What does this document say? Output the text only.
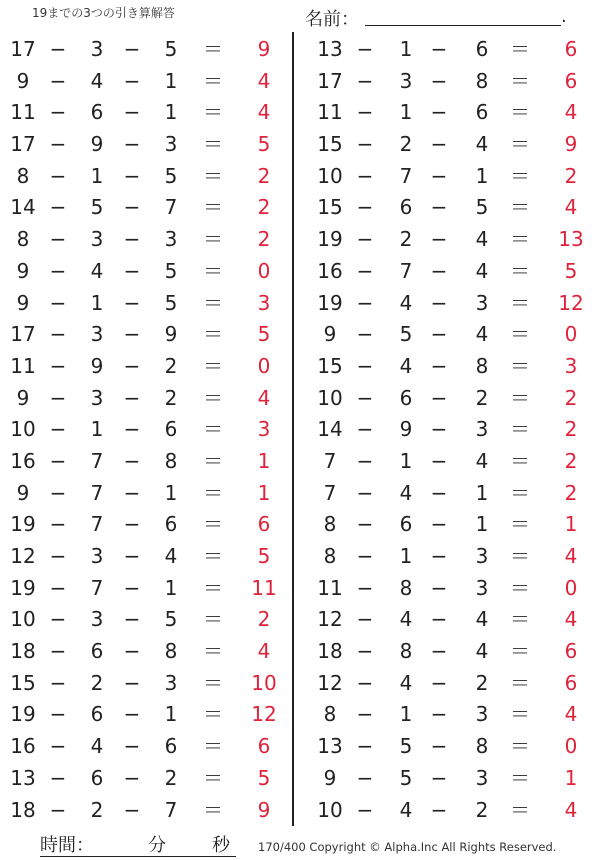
19までの3つの引き算解答	名前：	.
17 −	3	−	5	＝	9
9	−	4	−	1	＝	4
11 −	6	−	1	＝	4
17 −	9	−	3	＝	5
8	−	1	−	5	＝	2
14 −	5	−	7	＝	2
8	−	3	−	3	＝	2
9	−	4	−	5	＝	0
9	−	1	−	5	＝	3
17 −	3	−	9	＝	5
11 −	9	−	2	＝	0
9	−	3	−	2	＝	4
10 −	1	−	6	＝	3
16 −	7	−	8	＝	1
9	−	7	−	1	＝	1
19 −	7	−	6	＝	6
12 −	3	−	4	＝	5
19 −	7	−	1	＝	11
10 −	3	−	5	＝	2
18 −	6	−	8	＝	4
15 −	2	−	3	＝	10
19 −	6	−	1	＝	12
16 −	4	−	6	＝	6
13 −	6	−	2	＝	5
18 −	2	−	7	＝	9
13 −	1 −	6	＝	6
17 −	3 −	8	＝	6
11 −	1 −	6	＝	4
15 −	2 −	4	＝	9
10 −	7 −	1	＝	2
15 −	6 −	5	＝	4
19 −	2 −	4	＝	13
16 −	7 −	4	＝	5
19 −	4 −	3	＝	12
9	−	5 −	4	＝	0
15 −	4 −	8	＝	3
10 −	6 −	2	＝	2
14 −	9 −	3	＝	2
7	−	1 −	4	＝	2
7	−	4 −	1	＝	2
8	−	6 −	1	＝	1
8	−	1 −	3	＝	4
11 −	8 −	3	＝	0
12 −	4 −	4	＝	4
18 −	8 −	4	＝	6
12 −	4 −	2	＝	6
8	−	1 −	3	＝	4
13 −	5 −	8	＝	0
9	−	5 −	3	＝	1
10 −	4 −	2	＝	4
時間：	分	秒 170/400 Copyright © Alpha.Inc All Rights Reserved.
